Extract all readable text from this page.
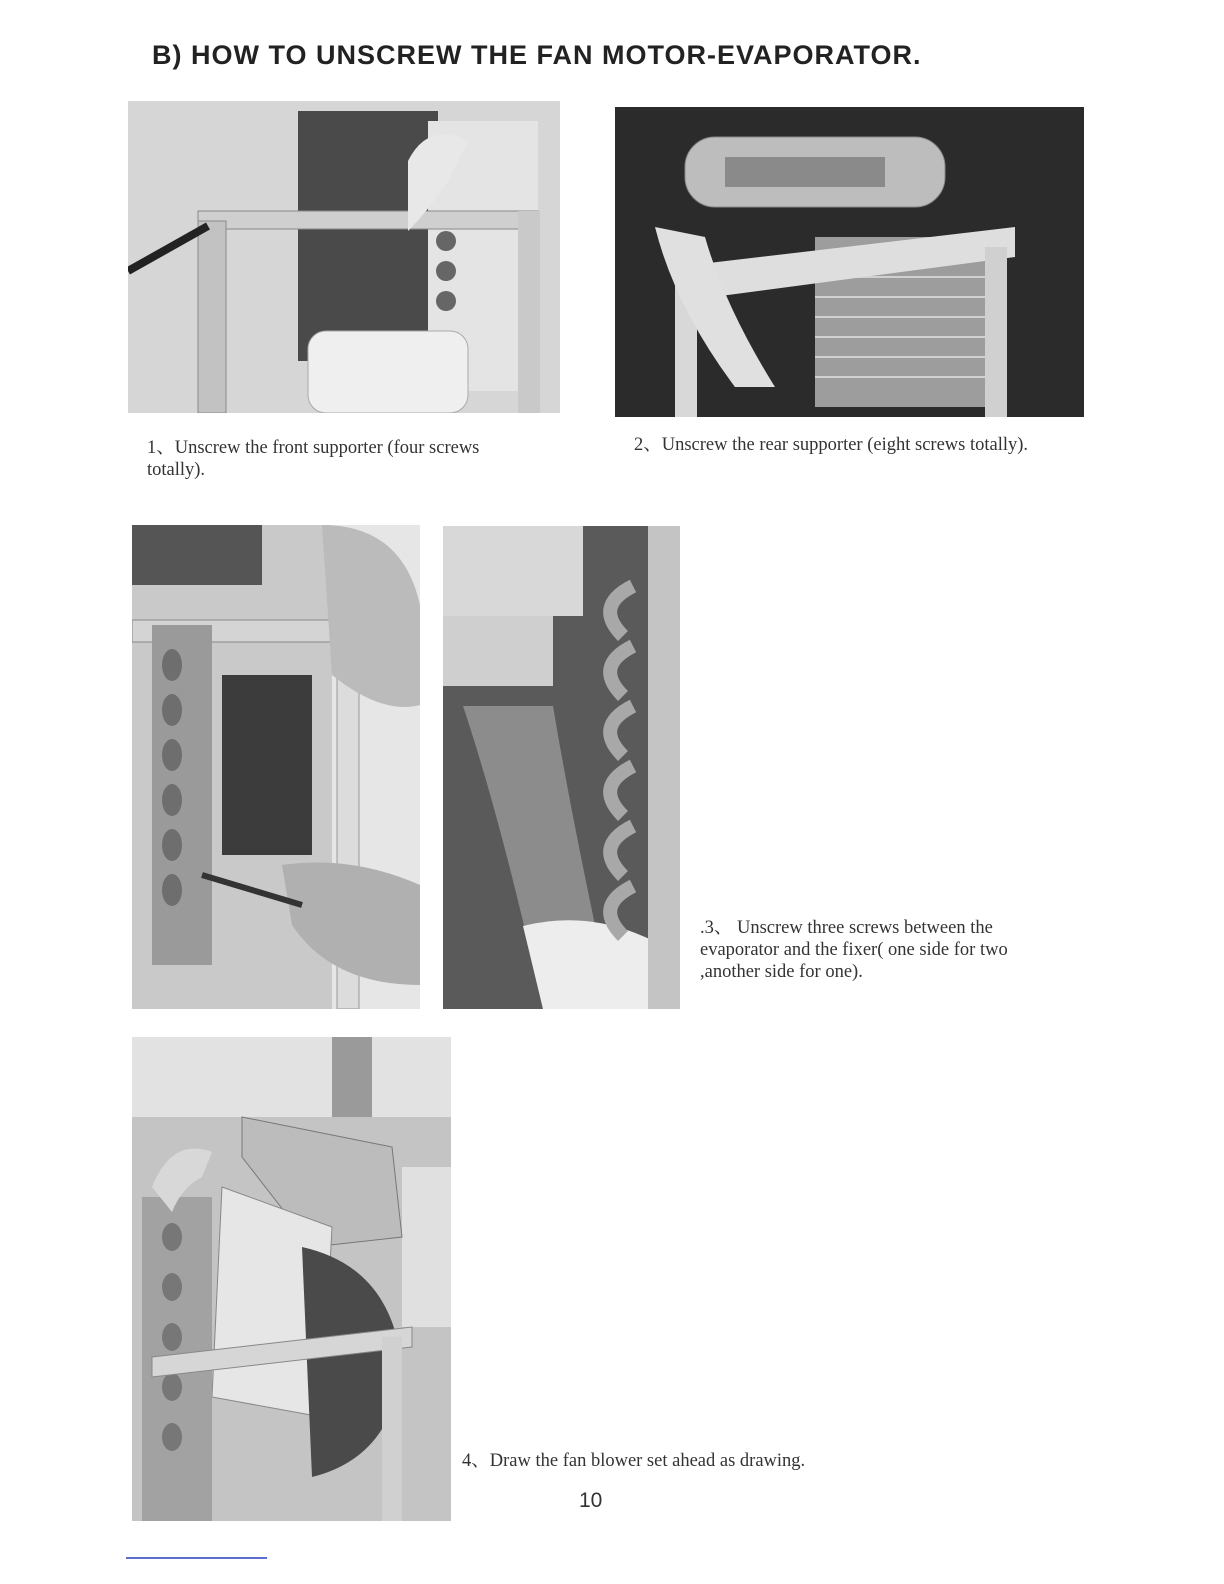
B) HOW TO UNSCREW THE FAN MOTOR-EVAPORATOR.
1、Unscrew the front supporter (four screws totally).
2、Unscrew the rear supporter (eight screws totally).
.3、 Unscrew three screws between the evaporator and the fixer( one side for two ,another side for one).
4、Draw the fan blower set ahead as drawing.
10
